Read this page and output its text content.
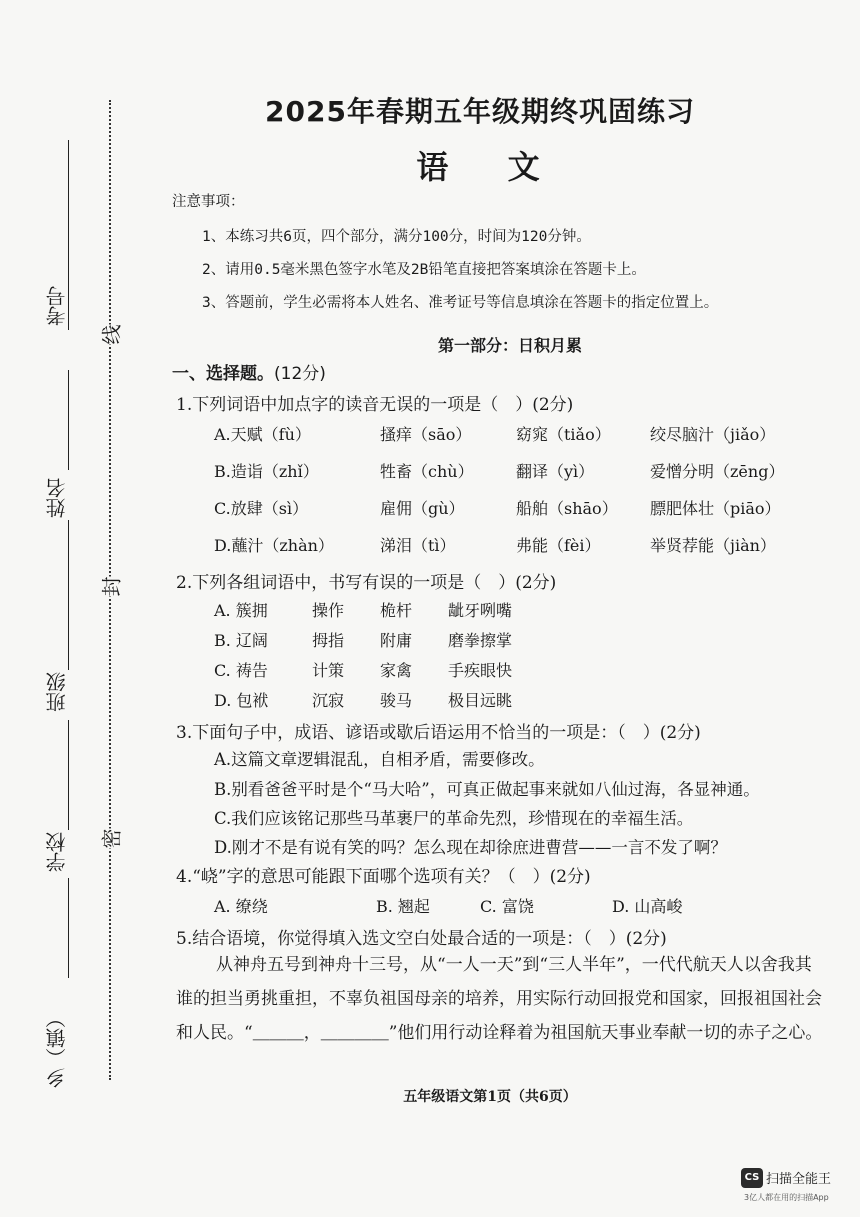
考号
姓名
班级
学校
乡（镇）
线
封
密
2025年春期五年级期终巩固练习
语 文
注意事项：
1、本练习共6页，四个部分，满分100分，时间为120分钟。
2、请用0.5毫米黑色签字水笔及2B铅笔直接把答案填涂在答题卡上。
3、答题前，学生必需将本人姓名、准考证号等信息填涂在答题卡的指定位置上。
第一部分：日积月累
一、选择题。(12分)
1.下列词语中加点字的读音无误的一项是（　）(2分)
A.天赋（fù）	搔痒（sāo）	窈窕（tiǎo） 绞尽脑汁（jiǎo）
B.造诣（zhǐ）	牲畜（chù）	翻译（yì）	爱憎分明（zēng）
C.放肆（sì）	雇佣（gù）	船舶（shāo） 膘肥体壮（piāo）
D.蘸汁（zhàn）	涕泪（tì）	弗能（fèi）	举贤荐能（jiàn）
2.下列各组词语中，书写有误的一项是（　）(2分)
A. 簇拥	操作 桅杆 龇牙咧嘴
B. 辽阔	拇指 附庸 磨拳擦掌
C. 祷告	计策 家禽 手疾眼快
D. 包袱	沉寂 骏马 极目远眺
3.下面句子中，成语、谚语或歇后语运用不恰当的一项是：（　）(2分)
A.这篇文章逻辑混乱，自相矛盾，需要修改。
B.别看爸爸平时是个“马大哈”，可真正做起事来就如八仙过海，各显神通。
C.我们应该铭记那些马革裹尸的革命先烈，珍惜现在的幸福生活。
D.刚才不是有说有笑的吗？怎么现在却徐庶进曹营——一言不发了啊？
4.“峣”字的意思可能跟下面哪个选项有关？（　）(2分)
A. 缭绕	B. 翘起	C. 富饶	D. 山高峻
5.结合语境，你觉得填入选文空白处最合适的一项是：（　）(2分)
从神舟五号到神舟十三号，从“一人一天”到“三人半年”，一代代航天人以舍我其谁的担当勇挑重担，不辜负祖国母亲的培养，用实际行动回报党和国家，回报祖国社会和人民。“＿＿＿，＿＿＿＿”他们用行动诠释着为祖国航天事业奉献一切的赤子之心。
五年级语文第1页（共6页）
CS 扫描全能王
3亿人都在用的扫描App
